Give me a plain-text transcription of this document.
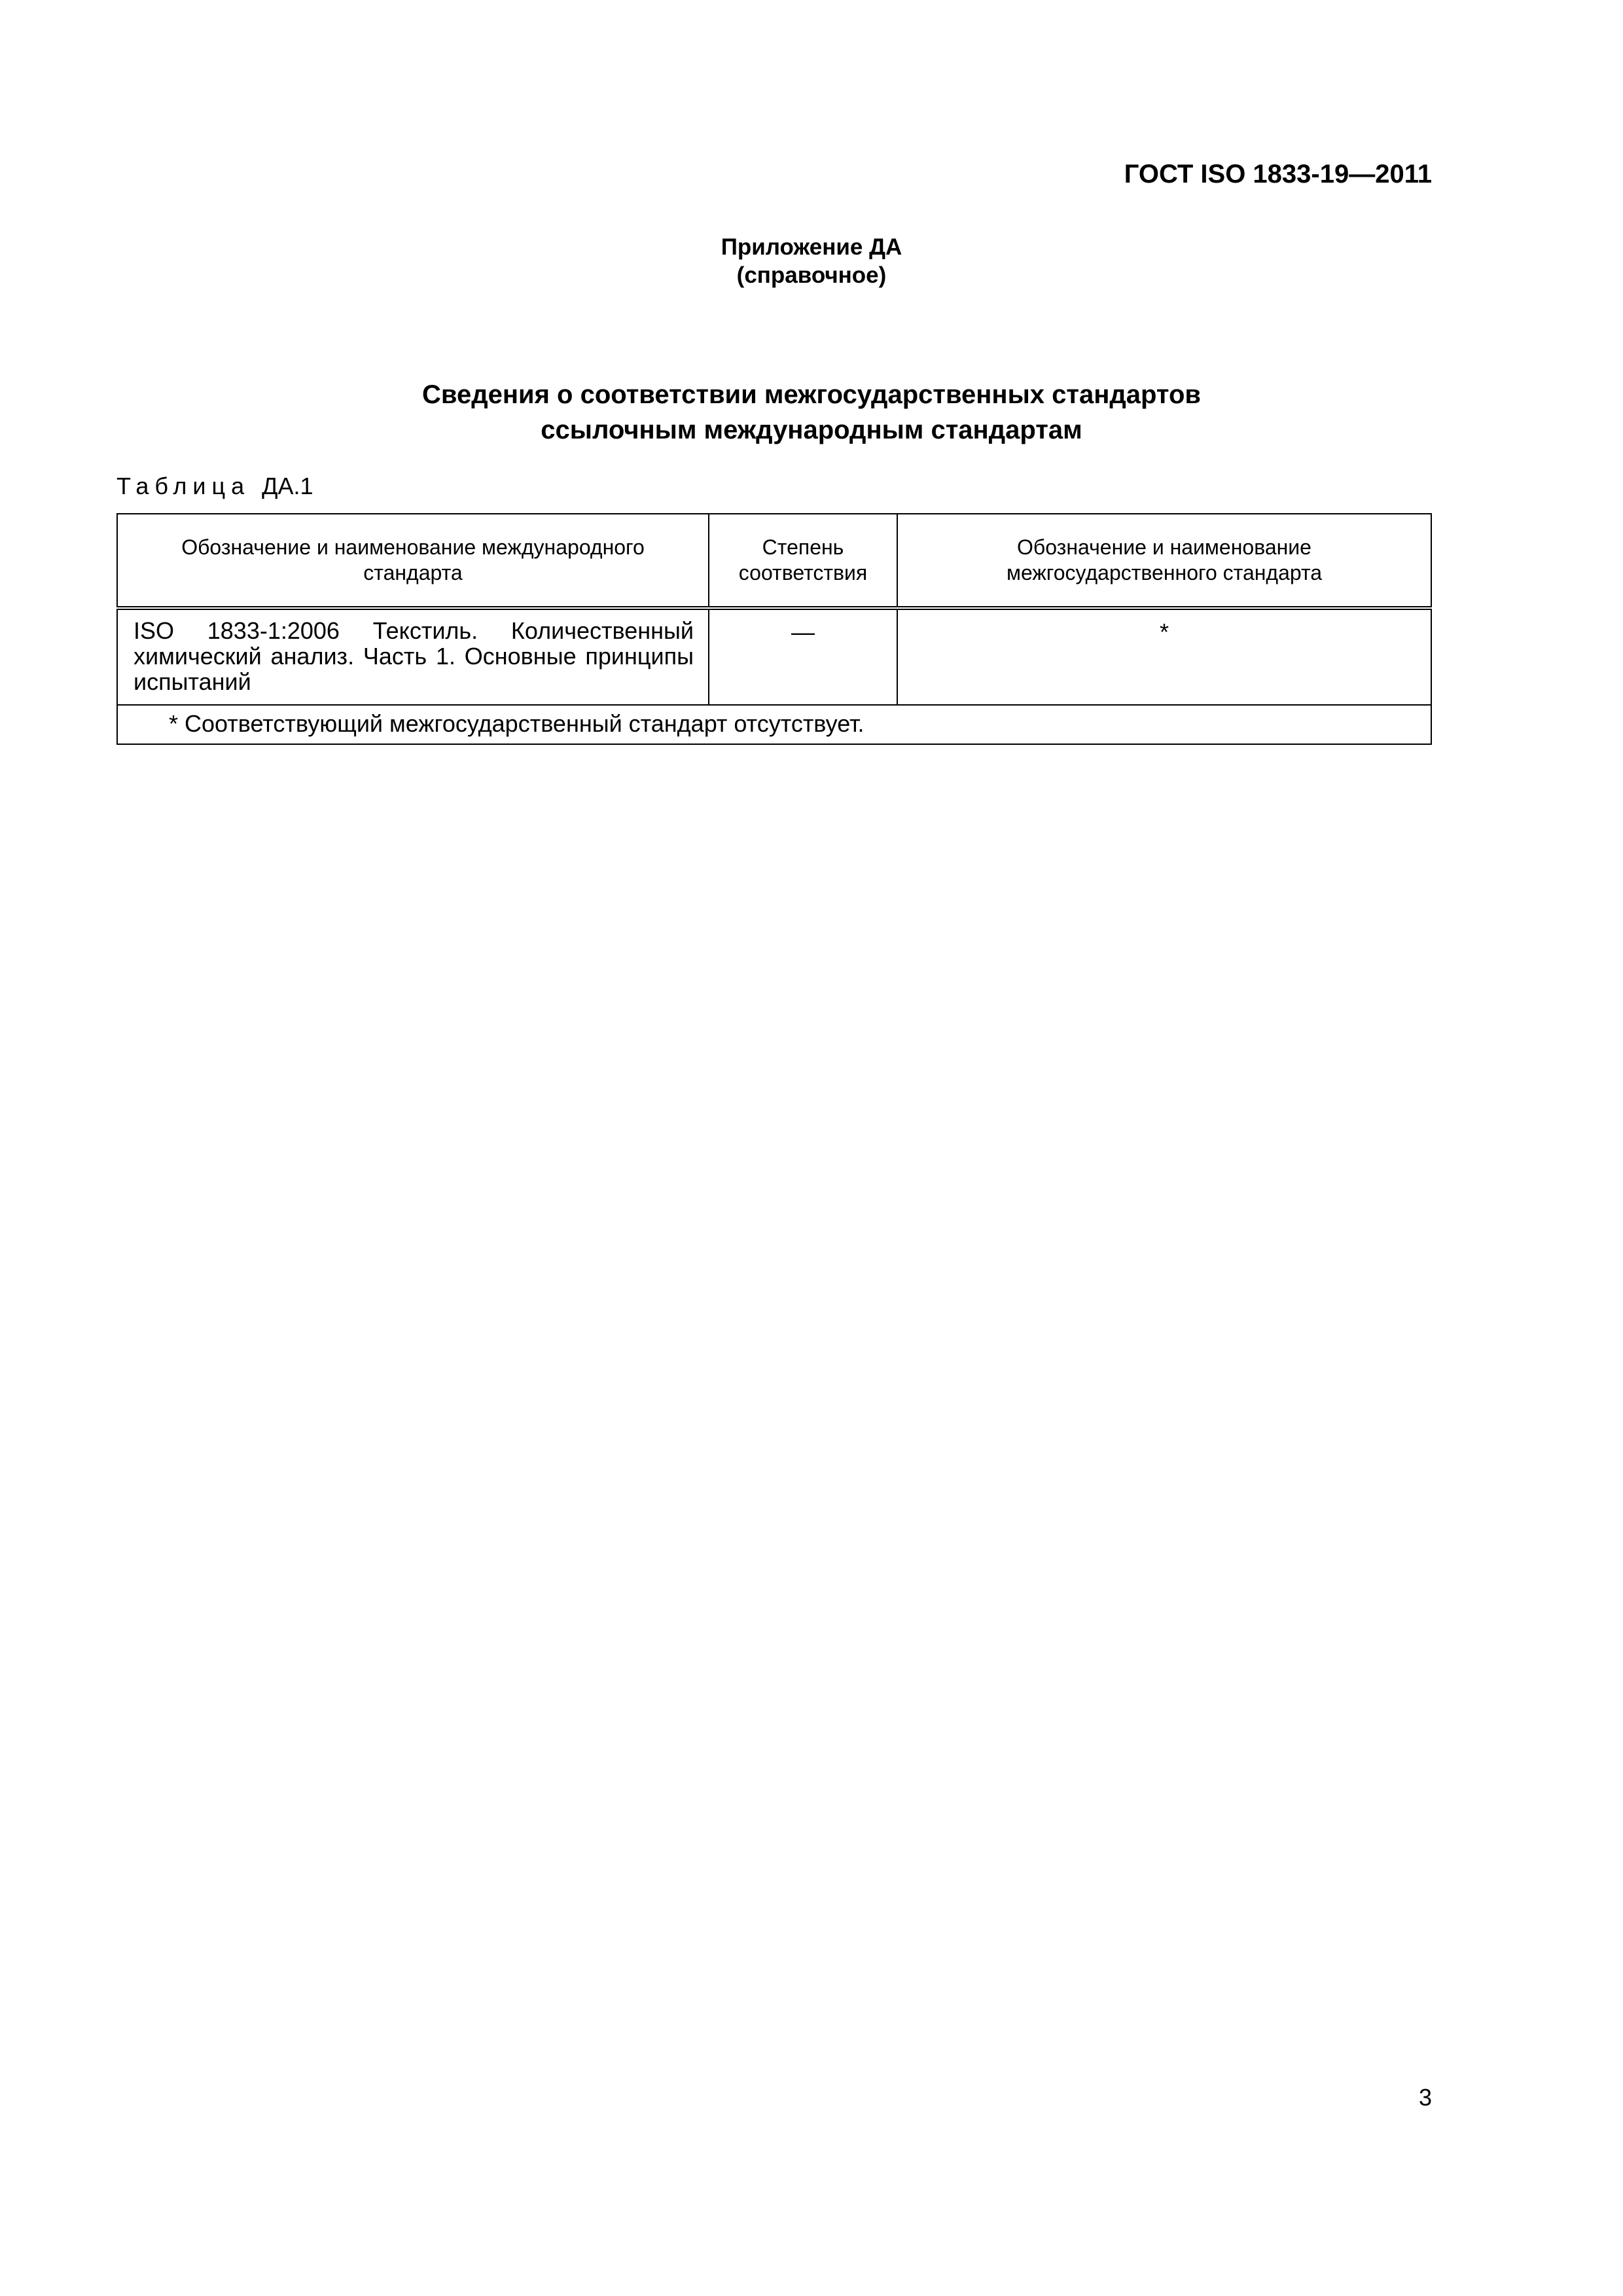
ГОСТ ISO 1833-19—2011
Приложение ДА
(справочное)
Сведения о соответствии межгосударственных стандартов
ссылочным международным стандартам
Таблица ДА.1
Обозначение и наименование международного стандарта	Степень соответствия	Обозначение и наименование межгосударственного стандарта

ISO 1833-1:2006 Текстиль. Количественный химический анализ. Часть 1. Основные принципы испытаний	—	*
* Соответствующий межгосударственный стандарт отсутствует.		
3
